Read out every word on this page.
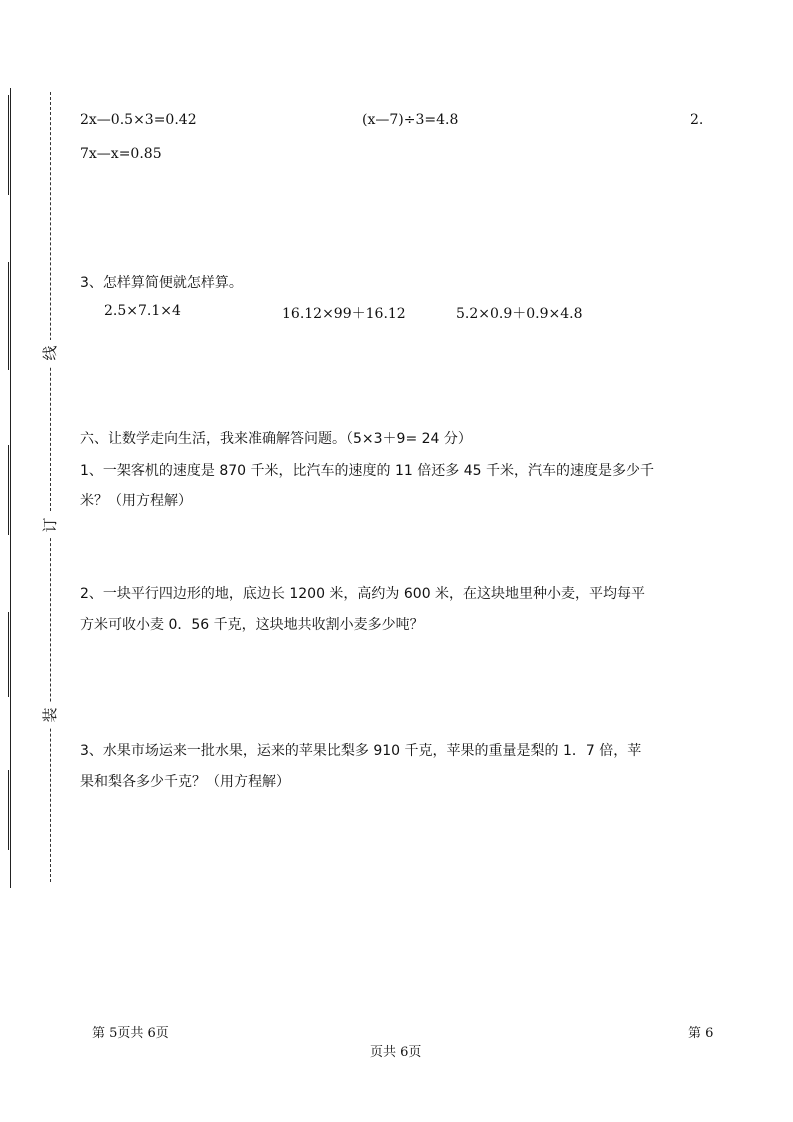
线
订
装
2x—0.5×3=0.42	(x—7)÷3=4.8	2.
7x—x=0.85
3、怎样算简便就怎样算。
2.5×7.1×4	16.12×99＋16.12	5.2×0.9＋0.9×4.8
六、让数学走向生活，我来准确解答问题。（5×3＋9= 24 分）
1、一架客机的速度是 870 千米，比汽车的速度的 11 倍还多 45 千米，汽车的速度是多少千
米？（用方程解）
2、一块平行四边形的地，底边长 1200 米，高约为 600 米，在这块地里种小麦，平均每平
方米可收小麦 0．56 千克，这块地共收割小麦多少吨？
3、水果市场运来一批水果，运来的苹果比梨多 910 千克，苹果的重量是梨的 1．7 倍，苹
果和梨各多少千克？（用方程解）
第 5页共 6页	第 6
页共 6页
